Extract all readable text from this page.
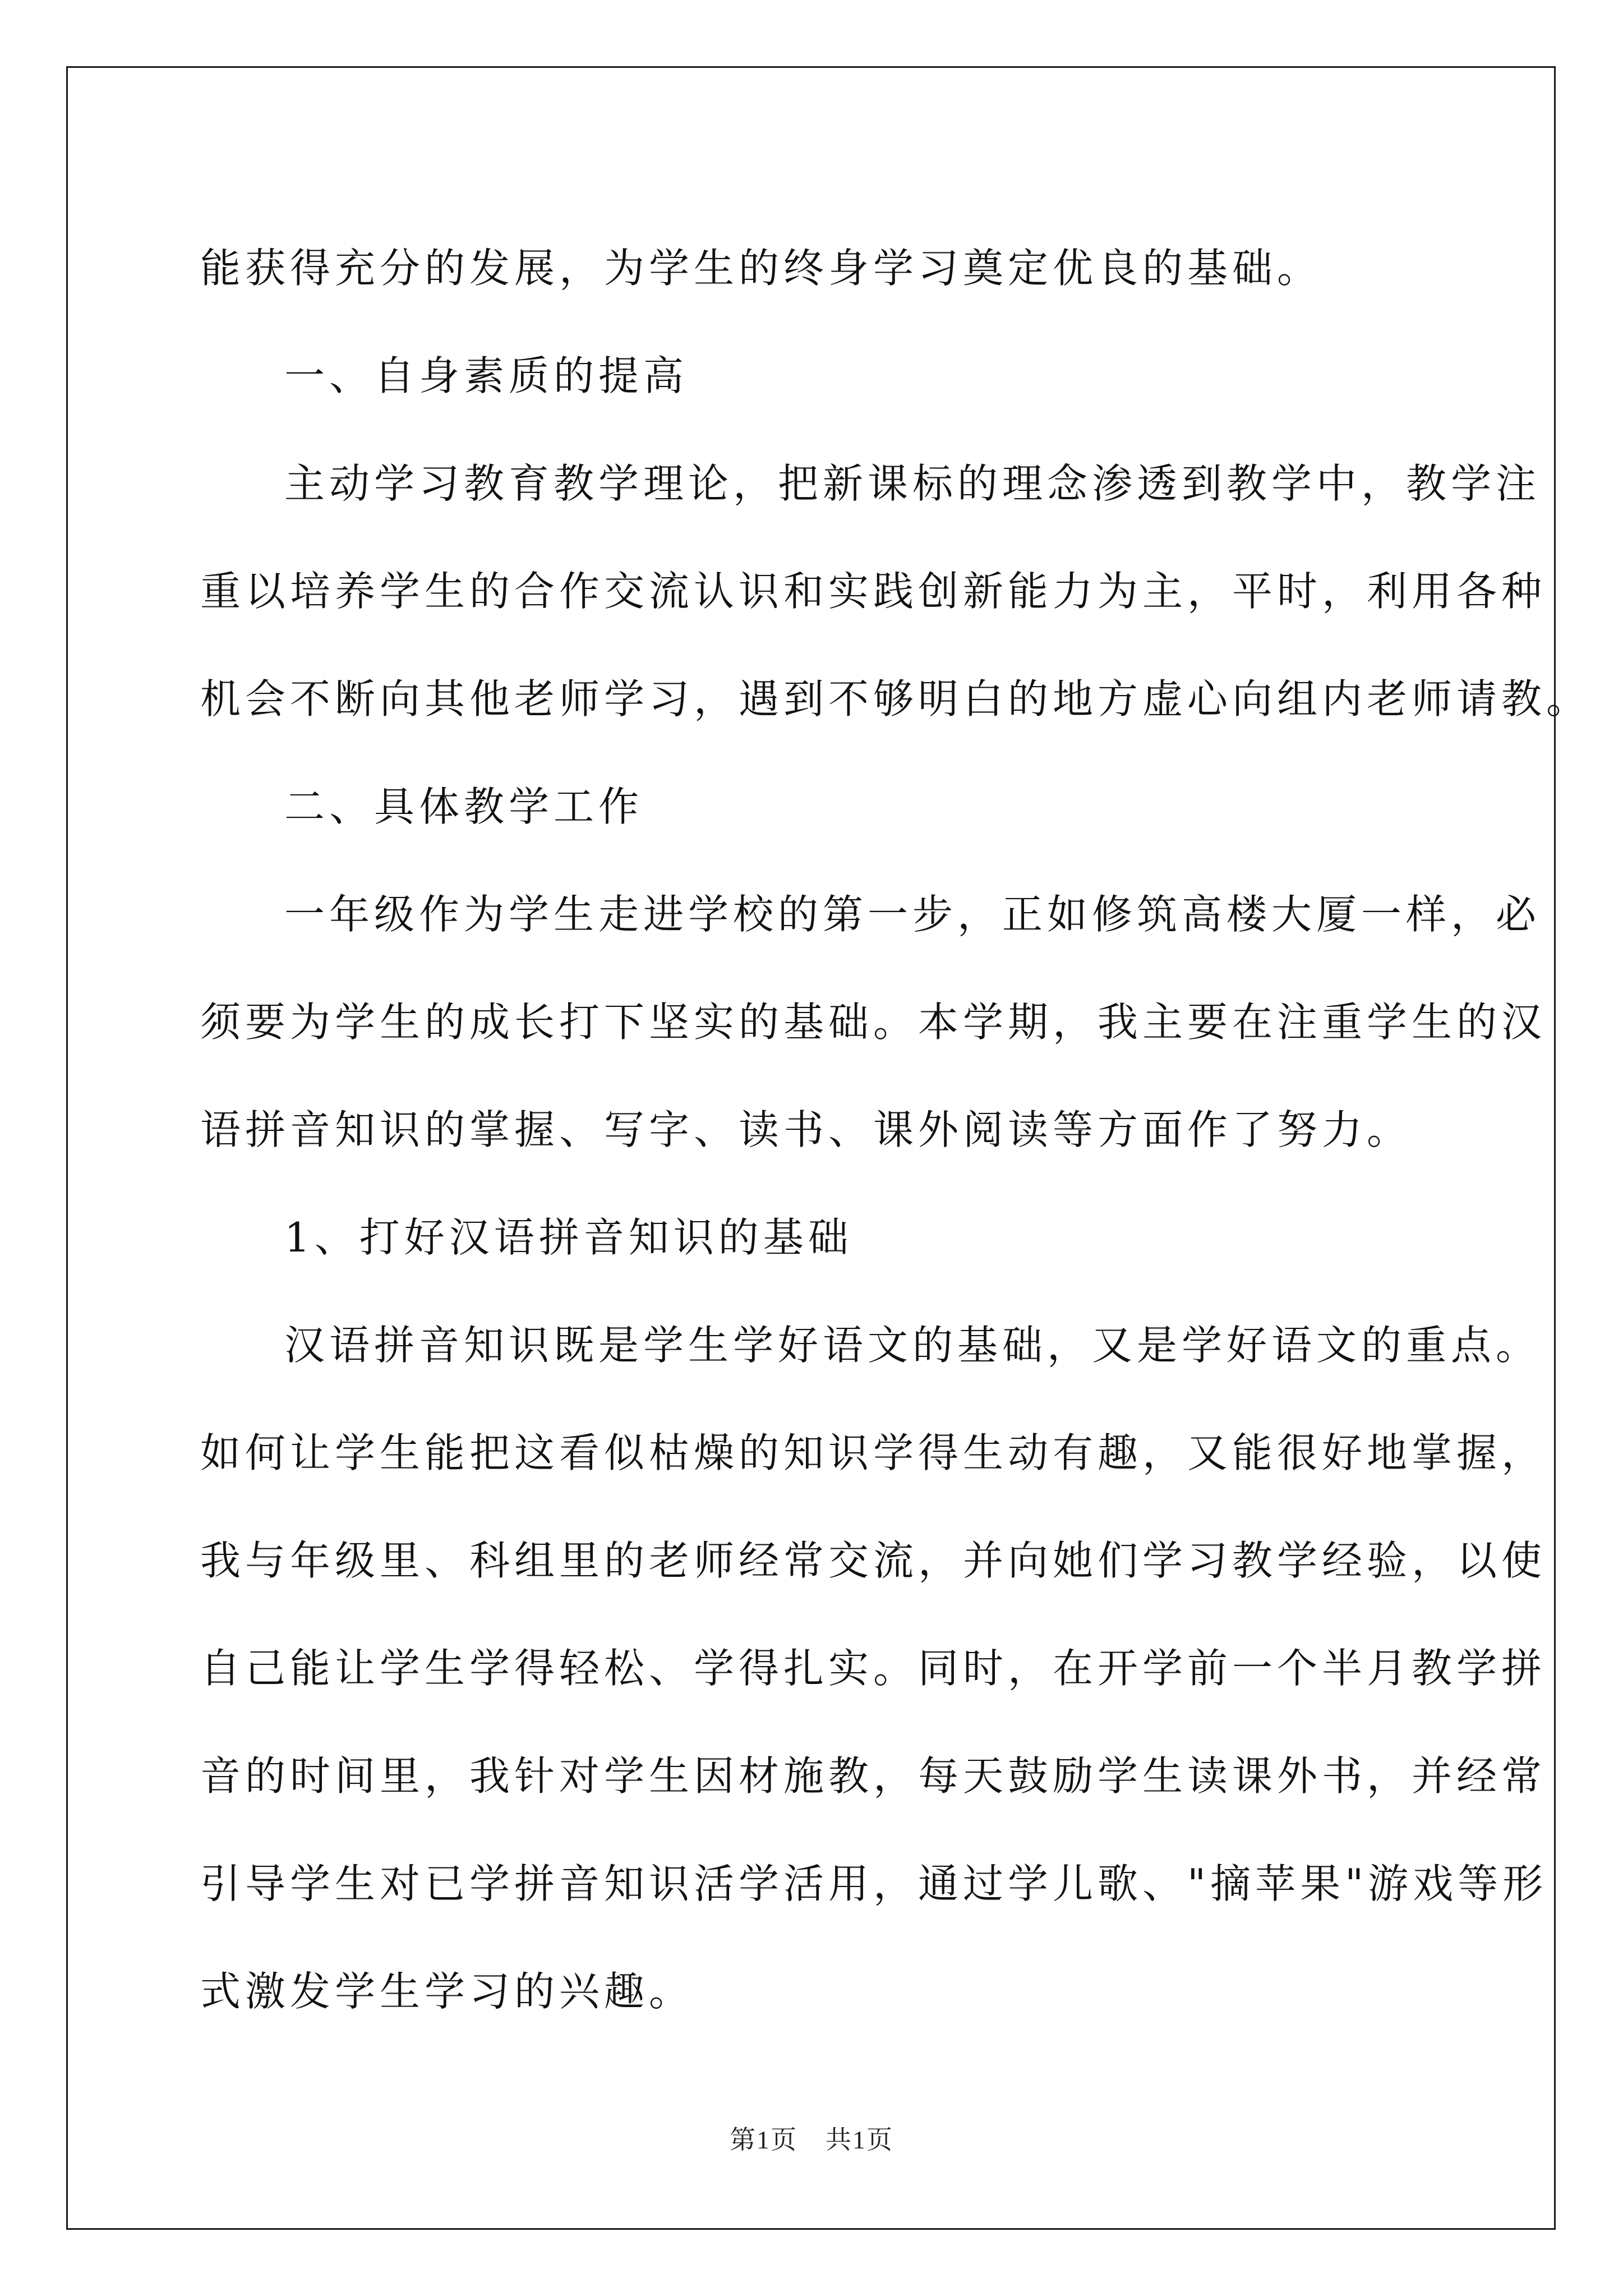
能获得充分的发展，为学生的终身学习奠定优良的基础。
一、自身素质的提高
主动学习教育教学理论，把新课标的理念渗透到教学中，教学注
重以培养学生的合作交流认识和实践创新能力为主，平时，利用各种
机会不断向其他老师学习，遇到不够明白的地方虚心向组内老师请教。
二、具体教学工作
一年级作为学生走进学校的第一步，正如修筑高楼大厦一样，必
须要为学生的成长打下坚实的基础。本学期，我主要在注重学生的汉
语拼音知识的掌握、写字、读书、课外阅读等方面作了努力。
1、打好汉语拼音知识的基础
汉语拼音知识既是学生学好语文的基础，又是学好语文的重点。
如何让学生能把这看似枯燥的知识学得生动有趣，又能很好地掌握，
我与年级里、科组里的老师经常交流，并向她们学习教学经验，以使
自己能让学生学得轻松、学得扎实。同时，在开学前一个半月教学拼
音的时间里，我针对学生因材施教，每天鼓励学生读课外书，并经常
引导学生对已学拼音知识活学活用，通过学儿歌、"摘苹果"游戏等形
式激发学生学习的兴趣。
第1页 共1页
